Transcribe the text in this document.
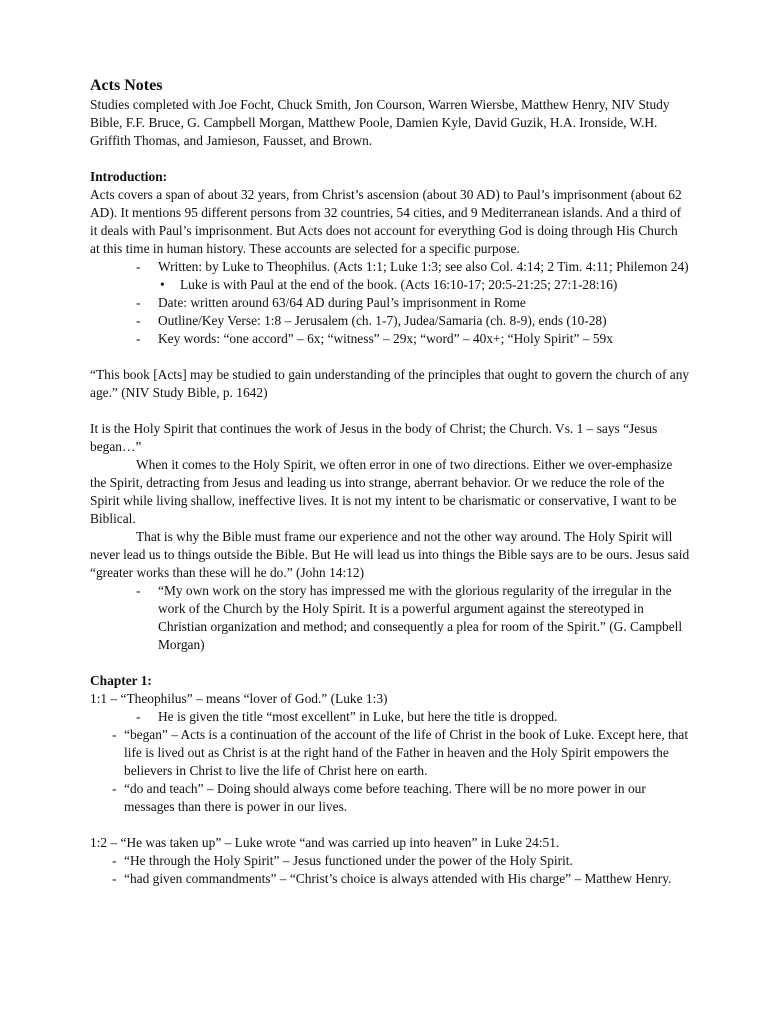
Acts Notes

Studies completed with Joe Focht, Chuck Smith, Jon Courson, Warren Wiersbe, Matthew Henry, NIV Study Bible, F.F. Bruce, G. Campbell Morgan, Matthew Poole, Damien Kyle, David Guzik, H.A. Ironside, W.H. Griffith Thomas, and Jamieson, Fausset, and Brown.

Introduction:

Acts covers a span of about 32 years, from Christ’s ascension (about 30 AD) to Paul’s imprisonment (about 62 AD). It mentions 95 different persons from 32 countries, 54 cities, and 9 Mediterranean islands. And a third of it deals with Paul’s imprisonment. But Acts does not account for everything God is doing through His Church at this time in human history. These accounts are selected for a specific purpose.

- Written: by Luke to Theophilus. (Acts 1:1; Luke 1:3; see also Col. 4:14; 2 Tim. 4:11; Philemon 24)
• Luke is with Paul at the end of the book. (Acts 16:10-17; 20:5-21:25; 27:1-28:16)
- Date: written around 63/64 AD during Paul’s imprisonment in Rome
- Outline/Key Verse: 1:8 – Jerusalem (ch. 1-7), Judea/Samaria (ch. 8-9), ends (10-28)
- Key words: “one accord” – 6x; “witness” – 29x; “word” – 40x+; “Holy Spirit” – 59x

“This book [Acts] may be studied to gain understanding of the principles that ought to govern the church of any age.” (NIV Study Bible, p. 1642)

It is the Holy Spirit that continues the work of Jesus in the body of Christ; the Church. Vs. 1 – says “Jesus began…”

When it comes to the Holy Spirit, we often error in one of two directions. Either we over-emphasize the Spirit, detracting from Jesus and leading us into strange, aberrant behavior. Or we reduce the role of the Spirit while living shallow, ineffective lives. It is not my intent to be charismatic or conservative, I want to be Biblical.

That is why the Bible must frame our experience and not the other way around. The Holy Spirit will never lead us to things outside the Bible. But He will lead us into things the Bible says are to be ours. Jesus said “greater works than these will he do.” (John 14:12)

- “My own work on the story has impressed me with the glorious regularity of the irregular in the work of the Church by the Holy Spirit. It is a powerful argument against the stereotyped in Christian organization and method; and consequently a plea for room of the Spirit.” (G. Campbell Morgan)

Chapter 1:

1:1 – “Theophilus” – means “lover of God.” (Luke 1:3)

- He is given the title “most excellent” in Luke, but here the title is dropped.
- “began” – Acts is a continuation of the account of the life of Christ in the book of Luke. Except here, that life is lived out as Christ is at the right hand of the Father in heaven and the Holy Spirit empowers the believers in Christ to live the life of Christ here on earth.
- “do and teach” – Doing should always come before teaching. There will be no more power in our messages than there is power in our lives.

1:2 – “He was taken up” – Luke wrote “and was carried up into heaven” in Luke 24:51.

- “He through the Holy Spirit” – Jesus functioned under the power of the Holy Spirit.
- “had given commandments” – “Christ’s choice is always attended with His charge” – Matthew Henry.
